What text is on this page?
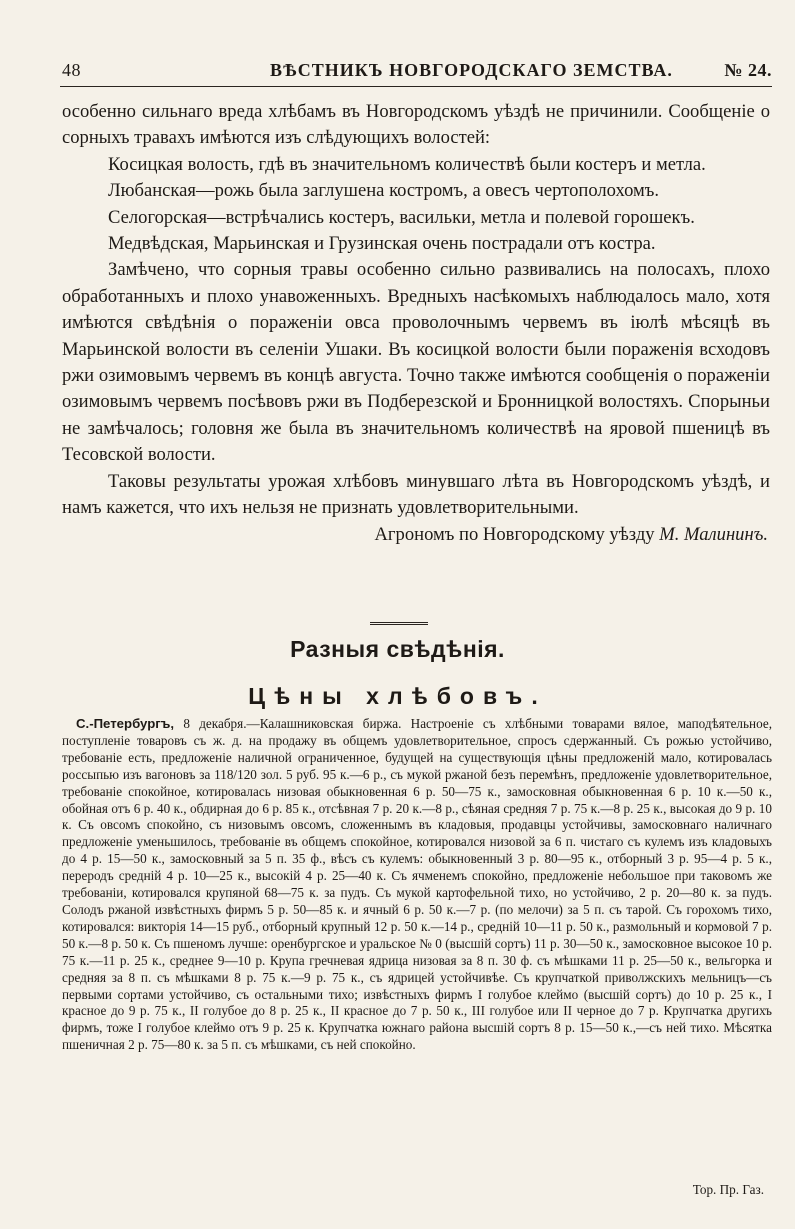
48	ВѢСТНИКЪ НОВГОРОДСКАГО ЗЕМСТВА.	№ 24.

особенно сильнаго вреда хлѣбамъ въ Новгородскомъ уѣздѣ не причинили. Сообщеніе о сорныхъ травахъ имѣются изъ слѣдующихъ волостей:

Косицкая волость, гдѣ въ значительномъ количествѣ были костеръ и метла.

Любанская—рожь была заглушена костромъ, а овесъ чертополохомъ.

Селогорская—встрѣчались костеръ, васильки, метла и полевой горошекъ.

Медвѣдская, Марьинская и Грузинская очень пострадали отъ костра.

Замѣчено, что сорныя травы особенно сильно развивались на полосахъ, плохо обработанныхъ и плохо унавоженныхъ. Вредныхъ насѣкомыхъ наблюдалось мало, хотя имѣются свѣдѣнія о пораженіи овса проволочнымъ червемъ въ іюлѣ мѣсяцѣ въ Марьинской волости въ селеніи Ушаки. Въ косицкой волости были пораженія всходовъ ржи озимовымъ червемъ въ концѣ августа. Точно также имѣются сообщенія о пораженіи озимовымъ червемъ посѣвовъ ржи въ Подберезской и Бронницкой волостяхъ. Спорыньи не замѣчалось; головня же была въ значительномъ количествѣ на яровой пшеницѣ въ Тесовской волости.

Таковы результаты урожая хлѣбовъ минувшаго лѣта въ Новгородскомъ уѣздѣ, и намъ кажется, что ихъ нельзя не признать удовлетворительными.

Агрономъ по Новгородскому уѣзду М. Малининъ.

Разныя свѣдѣнія.
Цѣны хлѣбовъ.

С.-Петербургъ, 8 декабря.—Калашниковская биржа. Настроеніе съ хлѣбными товарами вялое, маподѣятельное, поступленіе товаровъ съ ж. д. на продажу въ общемъ удовлетворительное, спросъ сдержанный. Съ рожью устойчиво, требованіе есть, предложеніе наличной ограниченное, будущей на существующія цѣны предложеній мало, котировалась россыпью изъ вагоновъ за 118/120 зол. 5 руб. 95 к.—6 р., съ мукой ржаной безъ перемѣнъ, предложеніе удовлетворительное, требованіе спокойное, котировалась низовая обыкновенная 6 р. 50—75 к., замосковная обыкновенная 6 р. 10 к.—50 к., обойная отъ 6 р. 40 к., обдирная до 6 р. 85 к., отсѣвная 7 р. 20 к.—8 р., сѣяная средняя 7 р. 75 к.—8 р. 25 к., высокая до 9 р. 10 к. Съ овсомъ спокойно, съ низовымъ овсомъ, сложеннымъ въ кладовыя, продавцы устойчивы, замосковнаго наличнаго предложеніе уменьшилось, требованіе въ общемъ спокойное, котировался низовой за 6 п. чистаго съ кулемъ изъ кладовыхъ до 4 р. 15—50 к., замосковный за 5 п. 35 ф., вѣсъ съ кулемъ: обыкновенный 3 р. 80—95 к., отборный 3 р. 95—4 р. 5 к., переродъ средній 4 р. 10—25 к., высокій 4 р. 25—40 к. Съ ячменемъ спокойно, предложеніе небольшое при таковомъ же требованіи, котировался крупяной 68—75 к. за пудъ. Съ мукой картофельной тихо, но устойчиво, 2 р. 20—80 к. за пудъ. Солодъ ржаной извѣстныхъ фирмъ 5 р. 50—85 к. и ячный 6 р. 50 к.—7 р. (по мелочи) за 5 п. съ тарой. Съ горохомъ тихо, котировался: викторія 14—15 руб., отборный крупный 12 р. 50 к.—14 р., средній 10—11 р. 50 к., размольный и кормовой 7 р. 50 к.—8 р. 50 к. Съ пшеномъ лучше: оренбургское и уральское № 0 (высшій сортъ) 11 р. 30—50 к., замосковное высокое 10 р. 75 к.—11 р. 25 к., среднее 9—10 р. Крупа гречневая ядрица низовая за 8 п. 30 ф. съ мѣшками 11 р. 25—50 к., вельгорка и средняя за 8 п. съ мѣшками 8 р. 75 к.—9 р. 75 к., съ ядрицей устойчивѣе. Съ крупчаткой приволжскихъ мельницъ—съ первыми сортами устойчиво, съ остальными тихо; извѣстныхъ фирмъ I голубое клеймо (высшій сортъ) до 10 р. 25 к., I красное до 9 р. 75 к., II голубое до 8 р. 25 к., II красное до 7 р. 50 к., III голубое или II черное до 7 р. Крупчатка другихъ фирмъ, тоже I голубое клеймо отъ 9 р. 25 к. Крупчатка южнаго района высшій сортъ 8 р. 15—50 к.,—съ ней тихо. Мѣсятка пшеничная 2 р. 75—80 к. за 5 п. съ мѣшками, съ ней спокойно.

Тор. Пр. Газ.
